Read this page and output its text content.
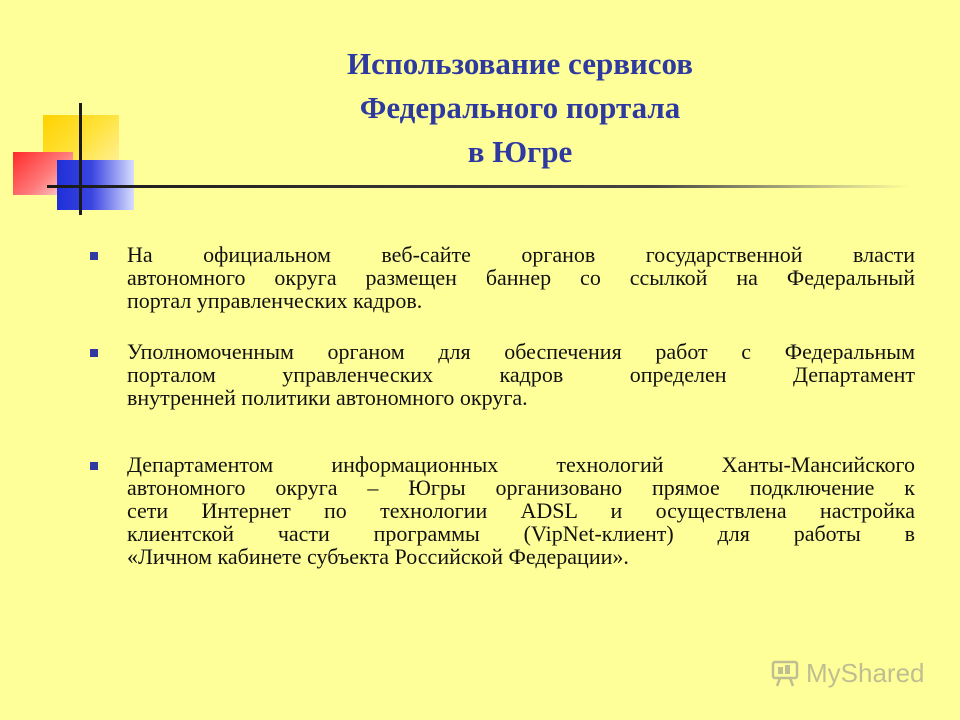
Использование сервисов
Федерального портала
в Югре
На официальном веб-сайте органов государственной власти
автономного округа размещен баннер со ссылкой на Федеральный
портал управленческих кадров.
Уполномоченным органом для обеспечения работ с Федеральным
порталом управленческих кадров определен Департамент
внутренней политики автономного округа.
Департаментом информационных технологий Ханты-Мансийского
автономного округа – Югры организовано прямое подключение к
сети Интернет по технологии ADSL и осуществлена настройка
клиентской части программы (VipNet-клиент) для работы в
«Личном кабинете субъекта Российской Федерации».
MyShared
